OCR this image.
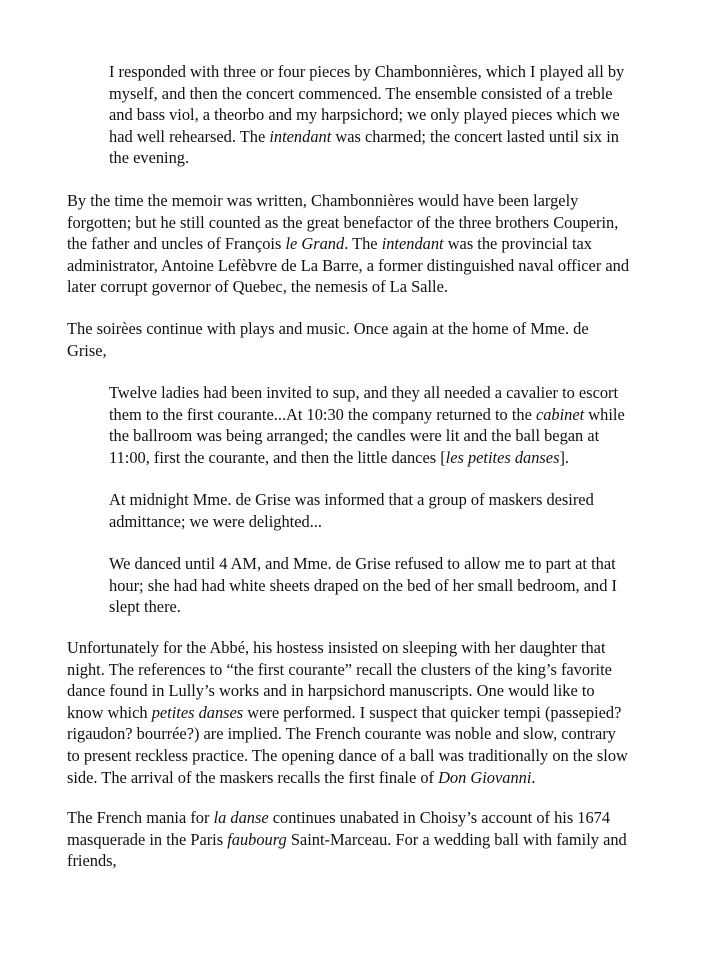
I responded with three or four pieces by Chambonnières, which I played all by
myself, and then the concert commenced. The ensemble consisted of a treble
and bass viol, a theorbo and my harpsichord; we only played pieces which we
had well rehearsed. The intendant was charmed; the concert lasted until six in
the evening.

By the time the memoir was written, Chambonnières would have been largely
forgotten; but he still counted as the great benefactor of the three brothers Couperin,
the father and uncles of François le Grand. The intendant was the provincial tax
administrator, Antoine Lefèbvre de La Barre, a former distinguished naval officer and
later corrupt governor of Quebec, the nemesis of La Salle.

The soirèes continue with plays and music. Once again at the home of Mme. de
Grise,

Twelve ladies had been invited to sup, and they all needed a cavalier to escort
them to the first courante...At 10:30 the company returned to the cabinet while
the ballroom was being arranged; the candles were lit and the ball began at
11:00, first the courante, and then the little dances [les petites danses].

At midnight Mme. de Grise was informed that a group of maskers desired
admittance; we were delighted...

We danced until 4 AM, and Mme. de Grise refused to allow me to part at that
hour; she had had white sheets draped on the bed of her small bedroom, and I
slept there.

Unfortunately for the Abbé, his hostess insisted on sleeping with her daughter that
night. The references to “the first courante” recall the clusters of the king’s favorite
dance found in Lully’s works and in harpsichord manuscripts. One would like to
know which petites danses were performed. I suspect that quicker tempi (passepied?
rigaudon? bourrée?) are implied. The French courante was noble and slow, contrary
to present reckless practice. The opening dance of a ball was traditionally on the slow
side. The arrival of the maskers recalls the first finale of Don Giovanni.

The French mania for la danse continues unabated in Choisy’s account of his 1674
masquerade in the Paris faubourg Saint-Marceau. For a wedding ball with family and
friends,
